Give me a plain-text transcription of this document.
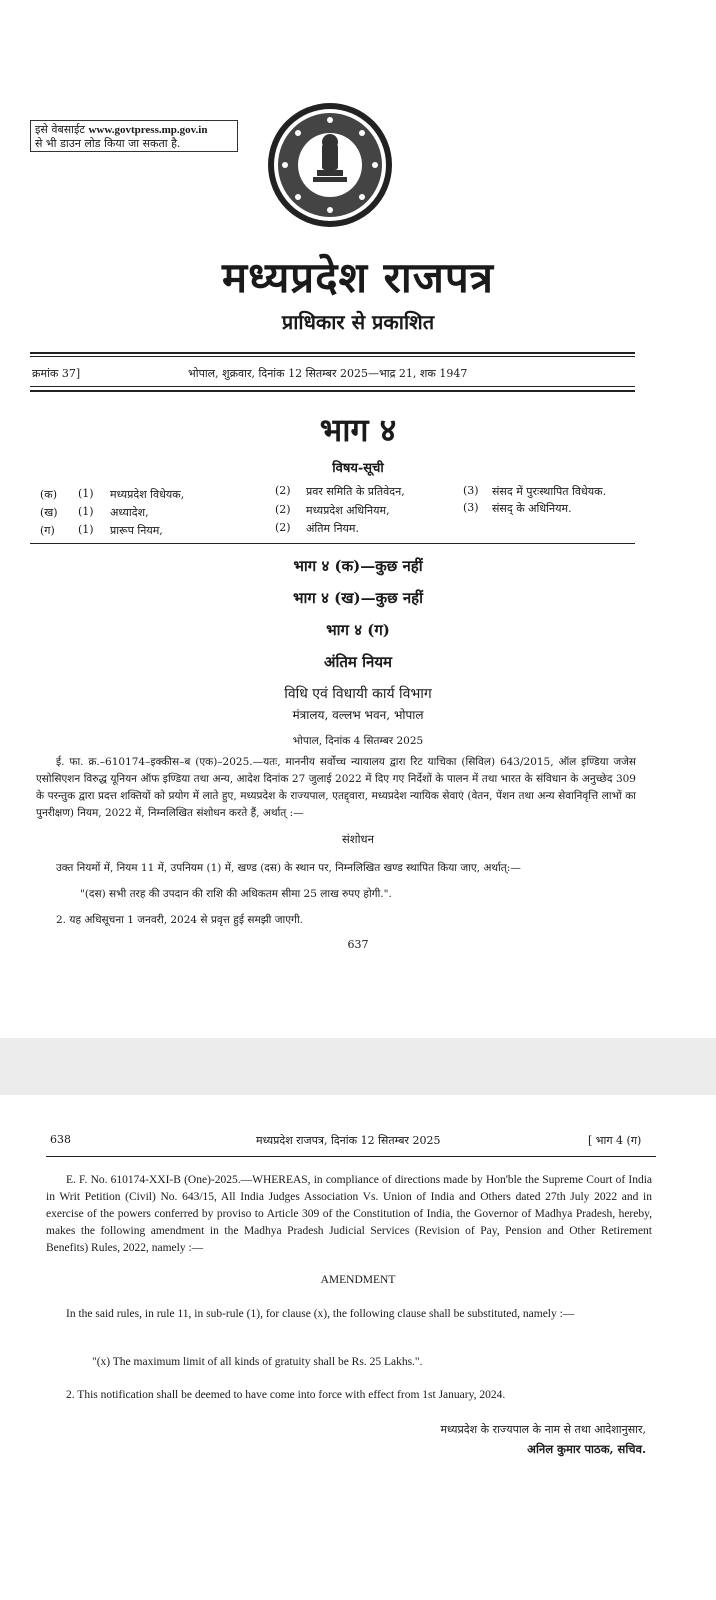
इसे वेबसाईट www.govtpress.mp.gov.in
से भी डाउन लोड किया जा सकता है.
मध्यप्रदेश राजपत्र
प्राधिकार से प्रकाशित
क्रमांक 37]	भोपाल, शुक्रवार, दिनांक 12 सितम्बर 2025—भाद्र 21, शक 1947
भाग ४
विषय-सूची
(क) (1) मध्यप्रदेश विधेयक,	(2) प्रवर समिति के प्रतिवेदन,	(3) संसद में पुरःस्थापित विधेयक.
(ख) (1) अध्यादेश,	(2) मध्यप्रदेश अधिनियम,	(3) संसद् के अधिनियम.
(ग) (1) प्रारूप नियम,	(2) अंतिम नियम.
भाग ४ (क)—कुछ नहीं
भाग ४ (ख)—कुछ नहीं
भाग ४ (ग)
अंतिम नियम
विधि एवं विधायी कार्य विभाग
मंत्रालय, वल्लभ भवन, भोपाल
भोपाल, दिनांक 4 सितम्बर 2025
ई. फा. क्र.–610174–इक्कीस–ब (एक)–2025.—यतः, माननीय सर्वोच्च न्यायालय द्वारा रिट याचिका (सिविल) 643/2015, ऑल इण्डिया जजेस एसोसिएशन विरुद्ध यूनियन ऑफ इण्डिया तथा अन्य, आदेश दिनांक 27 जुलाई 2022 में दिए गए निर्देशों के पालन में तथा भारत के संविधान के अनुच्छेद 309 के परन्तुक द्वारा प्रदत्त शक्तियों को प्रयोग में लाते हुए, मध्यप्रदेश के राज्यपाल, एतद्द्वारा, मध्यप्रदेश न्यायिक सेवाएं (वेतन, पेंशन तथा अन्य सेवानिवृत्ति लाभों का पुनरीक्षण) नियम, 2022 में, निम्नलिखित संशोधन करते हैं, अर्थात् :—
संशोधन
उक्त नियमों में, नियम 11 में, उपनियम (1) में, खण्ड (दस) के स्थान पर, निम्नलिखित खण्ड स्थापित किया जाए, अर्थात्:—
"(दस) सभी तरह की उपदान की राशि की अधिकतम सीमा 25 लाख रुपए होगी.".
2. यह अधिसूचना 1 जनवरी, 2024 से प्रवृत्त हुई समझी जाएगी.
637
638	मध्यप्रदेश राजपत्र, दिनांक 12 सितम्बर 2025	[ भाग 4 (ग)
E. F. No. 610174-XXI-B (One)-2025.—WHEREAS, in compliance of directions made by Hon'ble the Supreme Court of India in Writ Petition (Civil) No. 643/15, All India Judges Association Vs. Union of India and Others dated 27th July 2022 and in exercise of the powers conferred by proviso to Article 309 of the Constitution of India, the Governor of Madhya Pradesh, hereby, makes the following amendment in the Madhya Pradesh Judicial Services (Revision of Pay, Pension and Other Retirement Benefits) Rules, 2022, namely :—
AMENDMENT
In the said rules, in rule 11, in sub-rule (1), for clause (x), the following clause shall be substituted, namely :—
"(x) The maximum limit of all kinds of gratuity shall be Rs. 25 Lakhs.".
2. This notification shall be deemed to have come into force with effect from 1st January, 2024.
मध्यप्रदेश के राज्यपाल के नाम से तथा आदेशानुसार,
अनिल कुमार पाठक, सचिव.
